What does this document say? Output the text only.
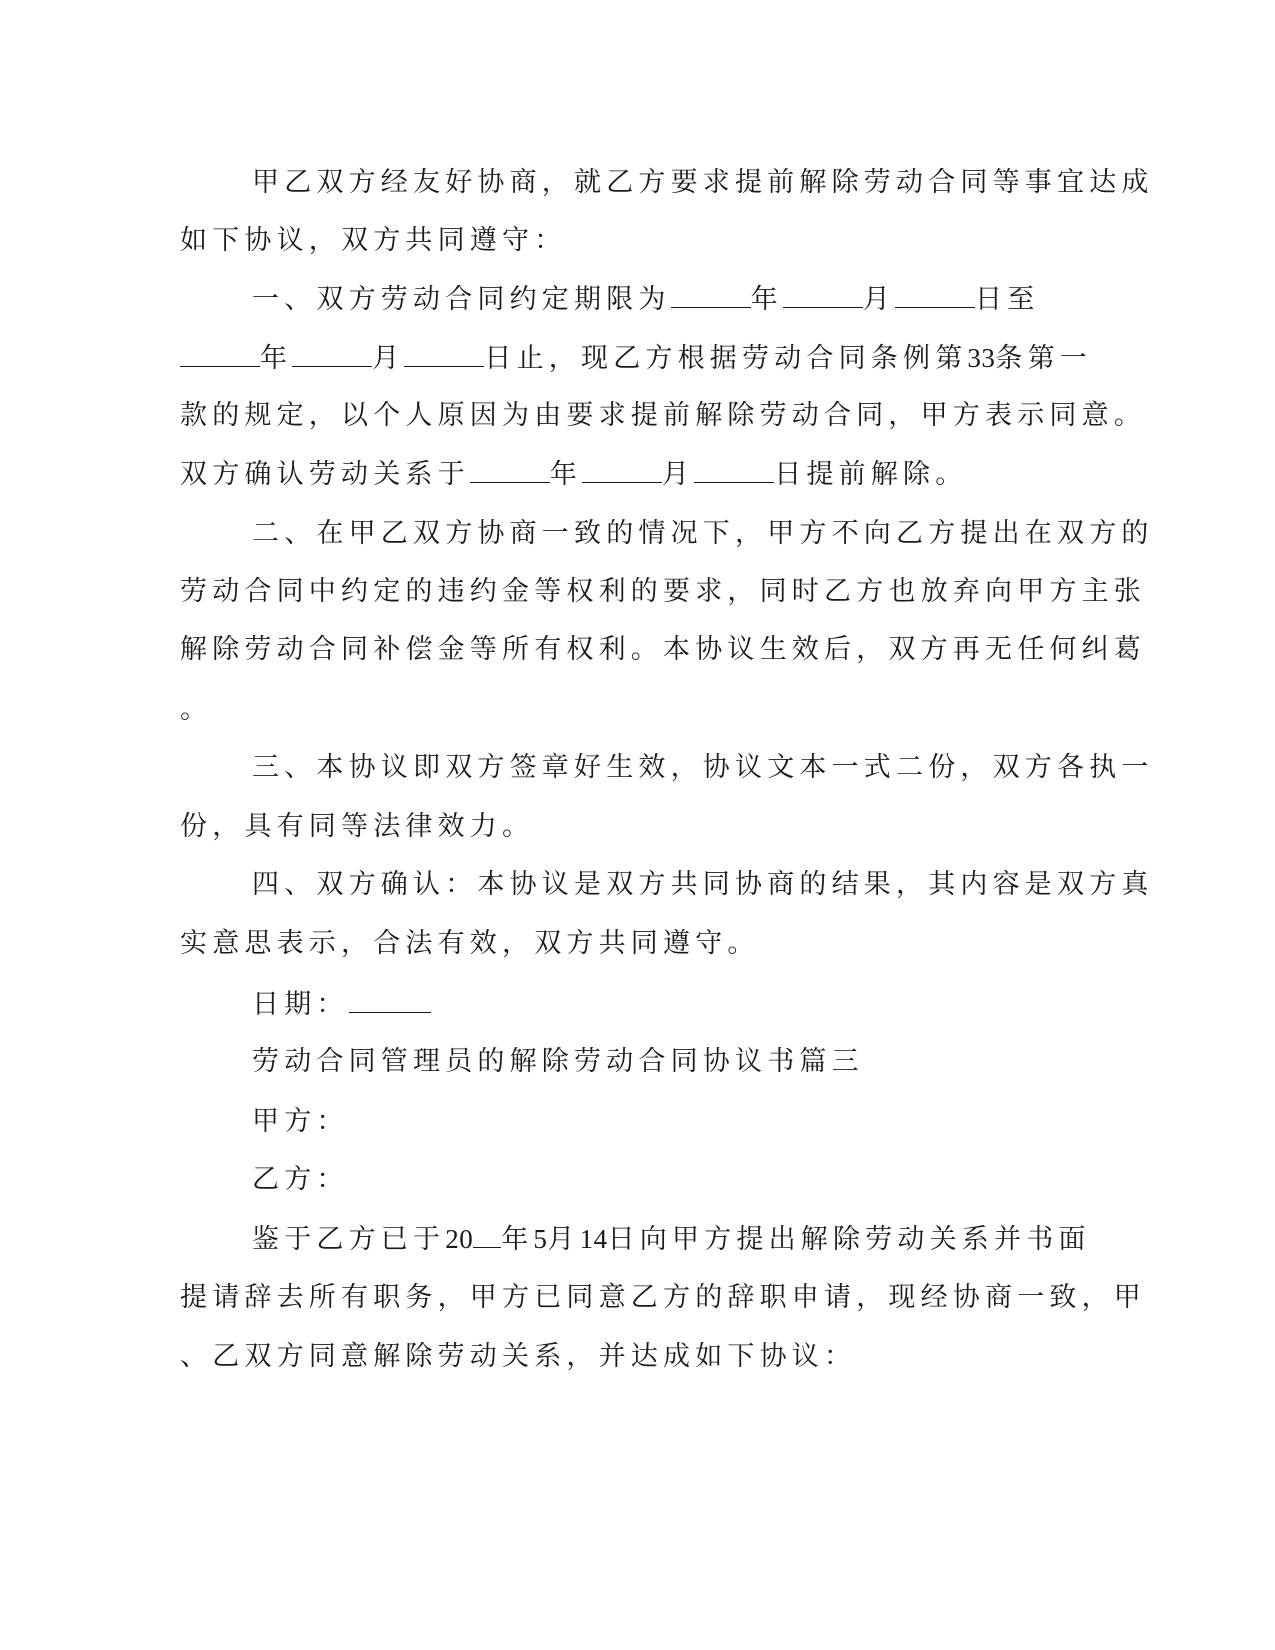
甲乙双方经友好协商，就乙方要求提前解除劳动合同等事宜达成
如下协议，双方共同遵守：
一、双方劳动合同约定期限为	年	月	日至
年	月	日止，现乙方根据劳动合同条例第33条第一
款的规定，以个人原因为由要求提前解除劳动合同，甲方表示同意。
双方确认劳动关系于	年	月	日提前解除。
二、在甲乙双方协商一致的情况下，甲方不向乙方提出在双方的
劳动合同中约定的违约金等权利的要求，同时乙方也放弃向甲方主张
解除劳动合同补偿金等所有权利。本协议生效后，双方再无任何纠葛
。
三、本协议即双方签章好生效，协议文本一式二份，双方各执一
份，具有同等法律效力。
四、双方确认：本协议是双方共同协商的结果，其内容是双方真
实意思表示，合法有效，双方共同遵守。
日期：
劳动合同管理员的解除劳动合同协议书篇三
甲方：
乙方：
鉴于乙方已于20 年5月14日向甲方提出解除劳动关系并书面
提请辞去所有职务，甲方已同意乙方的辞职申请，现经协商一致，甲
、乙双方同意解除劳动关系，并达成如下协议：
